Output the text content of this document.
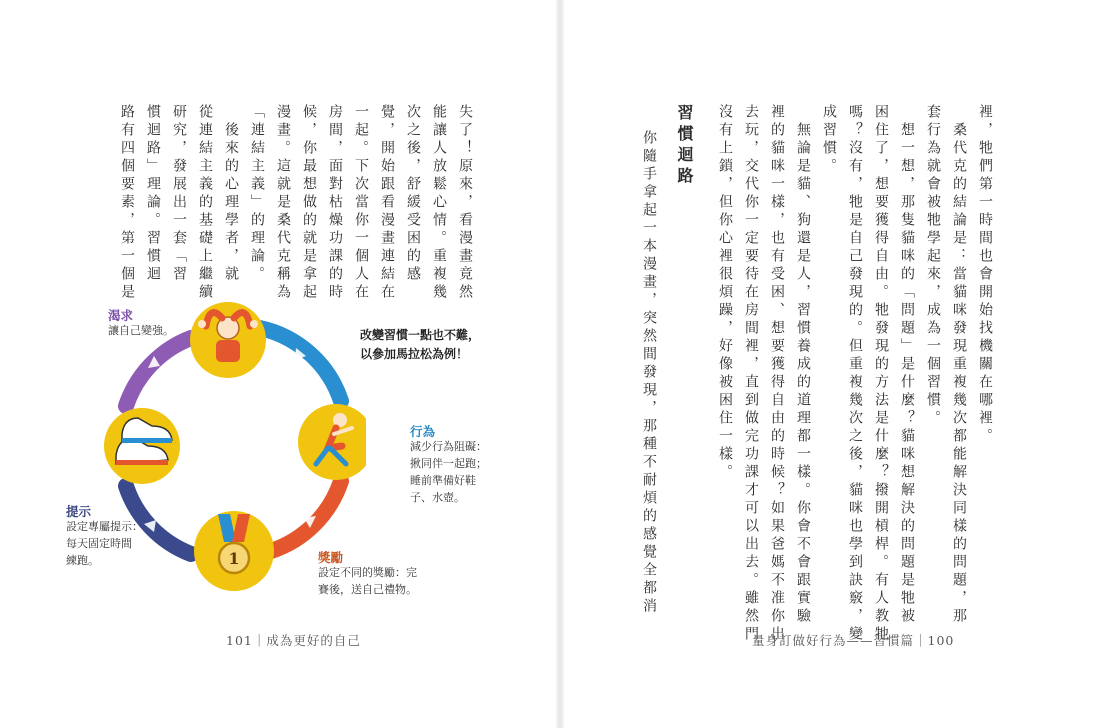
裡，牠們第一時間也會開始找機關在哪裡。
　桑代克的結論是：當貓咪發現重複幾次都能解決同樣的問題，那
套行為就會被牠學起來，成為一個習慣。
　想一想，那隻貓咪的「問題」是什麼？貓咪想解決的問題是牠被
困住了，想要獲得自由。牠發現的方法是什麼？撥開槓桿。有人教牠
嗎？沒有，牠是自己發現的。但重複幾次之後，貓咪也學到訣竅，變
成習慣。
　無論是貓、狗還是人，習慣養成的道理都一樣。你會不會跟實驗
裡的貓咪一樣，也有受困、想要獲得自由的時候？如果爸媽不准你出
去玩，交代你一定要待在房間裡，直到做完功課才可以出去。雖然門
沒有上鎖，但你心裡很煩躁，好像被困住一樣。
習慣迴路
你隨手拿起一本漫畫，突然間發現，那種不耐煩的感覺全都消
量身訂做好行為——習慣篇｜100
失了！原來，看漫畫竟然
能讓人放鬆心情。重複幾
次之後，舒緩受困的感
覺，開始跟看漫畫連結在
一起。下次當你一個人在
房間，面對枯燥功課的時
候，你最想做的就是拿起
漫畫。這就是桑代克稱為
「連結主義」的理論。
　後來的心理學者，就
從連結主義的基礎上繼續
研究，發展出一套「習
慣迴路」理論。習慣迴
路有四個要素，第一個是
101｜成為更好的自己
1
改變習慣一點也不難，
以參加馬拉松為例！
渴求
讓自己變強。
行為
減少行為阻礙：
揪同伴一起跑；
睡前準備好鞋
子、水壺。
獎勵
設定不同的獎勵：完
賽後，送自己禮物。
提示
設定專屬提示：
每天固定時間
練跑。
